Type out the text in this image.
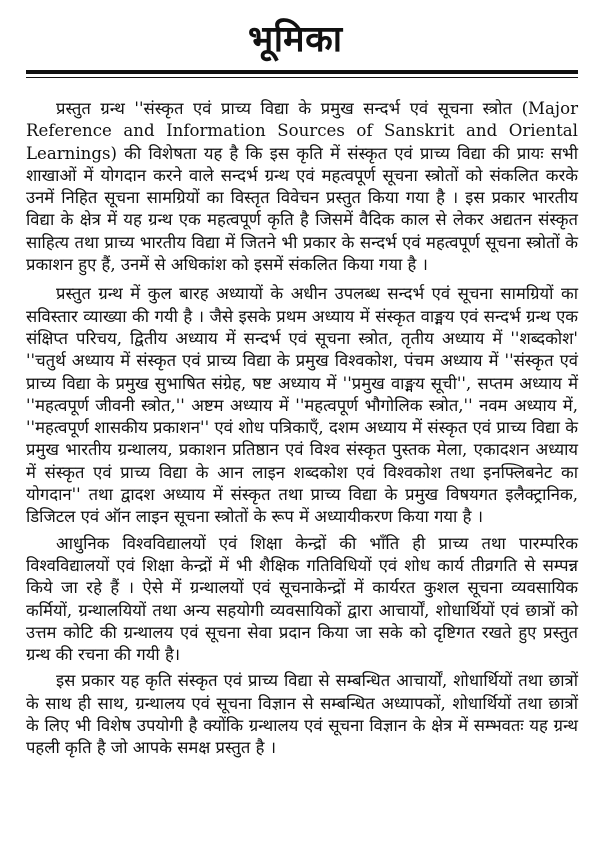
भूमिका

प्रस्तुत ग्रन्थ ''संस्कृत एवं प्राच्य विद्या के प्रमुख सन्दर्भ एवं सूचना स्त्रोत (Major Reference and Information Sources of Sanskrit and Oriental Learnings) की विशेषता यह है कि इस कृति में संस्कृत एवं प्राच्य विद्या की प्रायः सभी शाखाओं में योगदान करने वाले सन्दर्भ ग्रन्थ एवं महत्वपूर्ण सूचना स्त्रोतों को संकलित करके उनमें निहित सूचना सामग्रियों का विस्तृत विवेचन प्रस्तुत किया गया है । इस प्रकार भारतीय विद्या के क्षेत्र में यह ग्रन्थ एक महत्वपूर्ण कृति है जिसमें वैदिक काल से लेकर अद्यतन संस्कृत साहित्य तथा प्राच्य भारतीय विद्या में जितने भी प्रकार के सन्दर्भ एवं महत्वपूर्ण सूचना स्त्रोतों के प्रकाशन हुए हैं, उनमें से अधिकांश को इसमें संकलित किया गया है ।

प्रस्तुत ग्रन्थ में कुल बारह अध्यायों के अधीन उपलब्ध सन्दर्भ एवं सूचना सामग्रियों का सविस्तार व्याख्या की गयी है । जैसे इसके प्रथम अध्याय में संस्कृत वाङ्मय एवं सन्दर्भ ग्रन्थ एक संक्षिप्त परिचय, द्वितीय अध्याय में सन्दर्भ एवं सूचना स्त्रोत, तृतीय अध्याय में ''शब्दकोश' ''चतुर्थ अध्याय में संस्कृत एवं प्राच्य विद्या के प्रमुख विश्वकोश, पंचम अध्याय में ''संस्कृत एवं प्राच्य विद्या के प्रमुख सुभाषित संग्रेह, षष्ट अध्याय में ''प्रमुख वाङ्मय सूची'', सप्तम अध्याय में ''महत्वपूर्ण जीवनी स्त्रोत,'' अष्टम अध्याय में ''महत्वपूर्ण भौगोलिक स्त्रोत,'' नवम अध्याय में, ''महत्वपूर्ण शासकीय प्रकाशन'' एवं शोध पत्रिकाएँ, दशम अध्याय में संस्कृत एवं प्राच्य विद्या के प्रमुख भारतीय ग्रन्थालय, प्रकाशन प्रतिष्ठान एवं विश्व संस्कृत पुस्तक मेला, एकादशन अध्याय में संस्कृत एवं प्राच्य विद्या के आन लाइन शब्दकोश एवं विश्वकोश तथा इनफ्लिबनेट का योगदान'' तथा द्वादश अध्याय में संस्कृत तथा प्राच्य विद्या के प्रमुख विषयगत इलैक्ट्रानिक, डिजिटल एवं ऑन लाइन सूचना स्त्रोतों के रूप में अध्यायीकरण किया गया है ।

आधुनिक विश्वविद्यालयों एवं शिक्षा केन्द्रों की भाँति ही प्राच्य तथा पारम्परिक विश्वविद्यालयों एवं शिक्षा केन्द्रों में भी शैक्षिक गतिविधियों एवं शोध कार्य तीव्रगति से सम्पन्न किये जा रहे हैं । ऐसे में ग्रन्थालयों एवं सूचनाकेन्द्रों में कार्यरत कुशल सूचना व्यवसायिक कर्मियों, ग्रन्थालयियों तथा अन्य सहयोगी व्यवसायिकों द्वारा आचार्यों, शोधार्थियों एवं छात्रों को उत्तम कोटि की ग्रन्थालय एवं सूचना सेवा प्रदान किया जा सके को दृष्टिगत रखते हुए प्रस्तुत ग्रन्थ की रचना की गयी है।

इस प्रकार यह कृति संस्कृत एवं प्राच्य विद्या से सम्बन्धित आचार्यों, शोधार्थियों तथा छात्रों के साथ ही साथ, ग्रन्थालय एवं सूचना विज्ञान से सम्बन्धित अध्यापकों, शोधार्थियों तथा छात्रों के लिए भी विशेष उपयोगी है क्योंकि ग्रन्थालय एवं सूचना विज्ञान के क्षेत्र में सम्भवतः यह ग्रन्थ पहली कृति है जो आपके समक्ष प्रस्तुत है ।
